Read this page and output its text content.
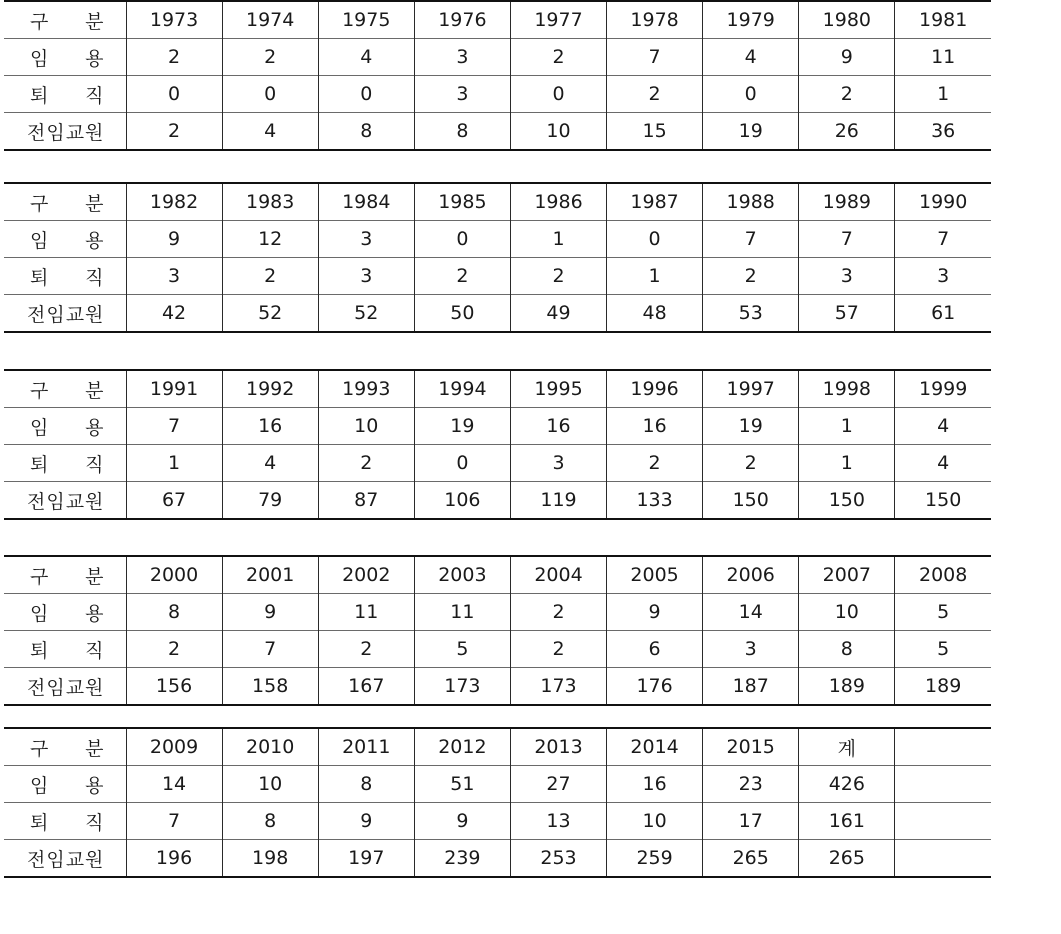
구 분	1973	1974	1975	1976	1977	1978	1979	1980	1981

임 용	2	2	4	3	2	7	4	9	11

퇴 직	0	0	0	3	0	2	0	2	1

전임교원	2	4	8	8	10	15	19	26	36
구 분	1982	1983	1984	1985	1986	1987	1988	1989	1990

임 용	9	12	3	0	1	0	7	7	7

퇴 직	3	2	3	2	2	1	2	3	3

전임교원	42	52	52	50	49	48	53	57	61
구 분	1991	1992	1993	1994	1995	1996	1997	1998	1999

임 용	7	16	10	19	16	16	19	1	4

퇴 직	1	4	2	0	3	2	2	1	4

전임교원	67	79	87	106	119	133	150	150	150
구 분	2000	2001	2002	2003	2004	2005	2006	2007	2008

임 용	8	9	11	11	2	9	14	10	5

퇴 직	2	7	2	5	2	6	3	8	5

전임교원	156	158	167	173	173	176	187	189	189
구 분	2009	2010	2011	2012	2013	2014	2015	계	

임 용	14	10	8	51	27	16	23	426	

퇴 직	7	8	9	9	13	10	17	161	

전임교원	196	198	197	239	253	259	265	265	
